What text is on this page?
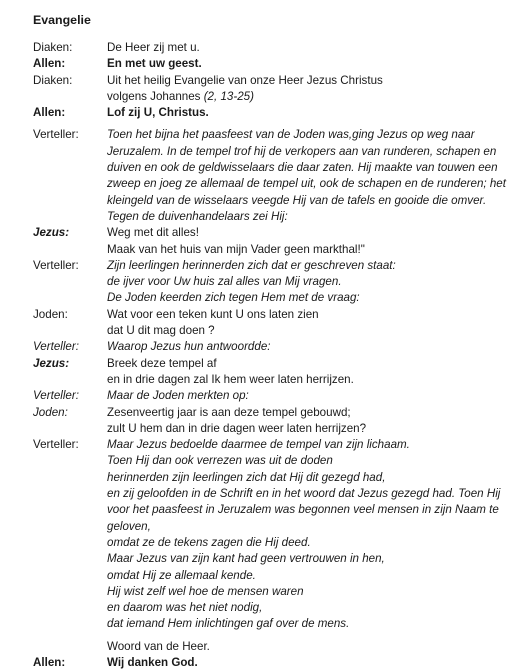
Evangelie
Diaken:	De Heer zij met u.
Allen:	En met uw geest.
Diaken:	Uit het heilig Evangelie van onze Heer Jezus Christus
volgens Johannes (2, 13-25)
Allen:	Lof zij U, Christus.
Verteller:	Toen het bijna het paasfeest van de Joden was,ging Jezus op weg naar
Jeruzalem. In de tempel trof hij de verkopers aan van runderen, schapen en
duiven en ook de geldwisselaars die daar zaten. Hij maakte van touwen een
zweep en joeg ze allemaal de tempel uit, ook de schapen en de runderen; het
kleingeld van de wisselaars veegde Hij van de tafels en gooide die omver.
Tegen de duivenhandelaars zei Hij:
Jezus:	Weg met dit alles!
Maak van het huis van mijn Vader geen markthal!"
Verteller:	Zijn leerlingen herinnerden zich dat er geschreven staat:
de ijver voor Uw huis zal alles van Mij vragen.
De Joden keerden zich tegen Hem met de vraag:
Joden:	Wat voor een teken kunt U ons laten zien
dat U dit mag doen ?
Verteller:	Waarop Jezus hun antwoordde:
Jezus:	Breek deze tempel af
en in drie dagen zal Ik hem weer laten herrijzen.
Verteller:	Maar de Joden merkten op:
Joden:	Zesenveertig jaar is aan deze tempel gebouwd;
zult U hem dan in drie dagen weer laten herrijzen?
Verteller:	Maar Jezus bedoelde daarmee de tempel van zijn lichaam.
Toen Hij dan ook verrezen was uit de doden
herinnerden zijn leerlingen zich dat Hij dit gezegd had,
en zij geloofden in de Schrift en in het woord dat Jezus gezegd had. Toen Hij
voor het paasfeest in Jeruzalem was begonnen veel mensen in zijn Naam te
geloven,
omdat ze de tekens zagen die Hij deed.
Maar Jezus van zijn kant had geen vertrouwen in hen,
omdat Hij ze allemaal kende.
Hij wist zelf wel hoe de mensen waren
en daarom was het niet nodig,
dat iemand Hem inlichtingen gaf over de mens.
Woord van de Heer.
Allen:	Wij danken God.
